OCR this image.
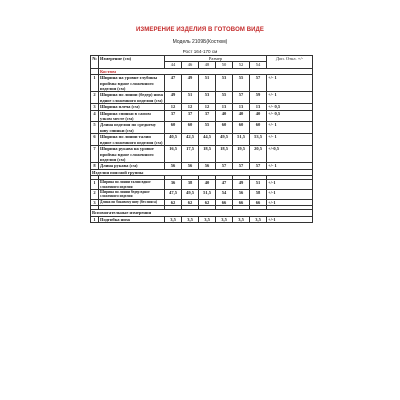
ИЗМЕРЕНИЕ ИЗДЕЛИЯ В ГОТОВОМ ВИДЕ
Модель 2109Б(Костюм)
Рост 164-170 см
№	Измерение (см)	Размер						Доп. Откл. +/-
		44	46	48	50	52	54	
	Костюм							
1	Ширина на уровне глубины проймы вдное сложенного изделия (см)	47	49	51	53	55	57	+/- 1
2	Ширина по линии (бедер) низа вдное сложенного изделия (см)	49	51	53	55	57	59	+/- 1
3	Ширина плеча (см)	12	12	12	13	13	13	+/- 0,5
4	Ширина спинки в самом узком месте (см)	37	37	37	40	40	40	+/- 0,5
5	Длина изделия по среднему шву спинки (см)	60	60	55	60	60	60	+/- 1
6	Ширина по линии талии вдное сложенного изделия (см)	40,5	42,5	44,5	49,5	51,5	53,5	+/- 1
7	Ширина рукава на уровне проймы вдное сложенного изделия (см)	16,5	17,5	18,5	18,5	19,5	20,5	+/-0,5
8	Длина рукава (см)	56	56	56	57	57	57	+/- 1
Изделия поясной группы								

1	Ширина по линии талии вдное сложенного изделия	36	38	40	47	49	51	+/-1
2	Ширина по линии бедер вдное сложенного изделия	47,5	49,5	51,5	54	56	58	+/-1
3	Длина по боковому шву (без пояса)	62	62	62	66	66	66	+/-1

Вспомогательные измерения								
1	Подгибка низа	3,5	3,5	3,5	3,5	3,5	3,5	+/-1
